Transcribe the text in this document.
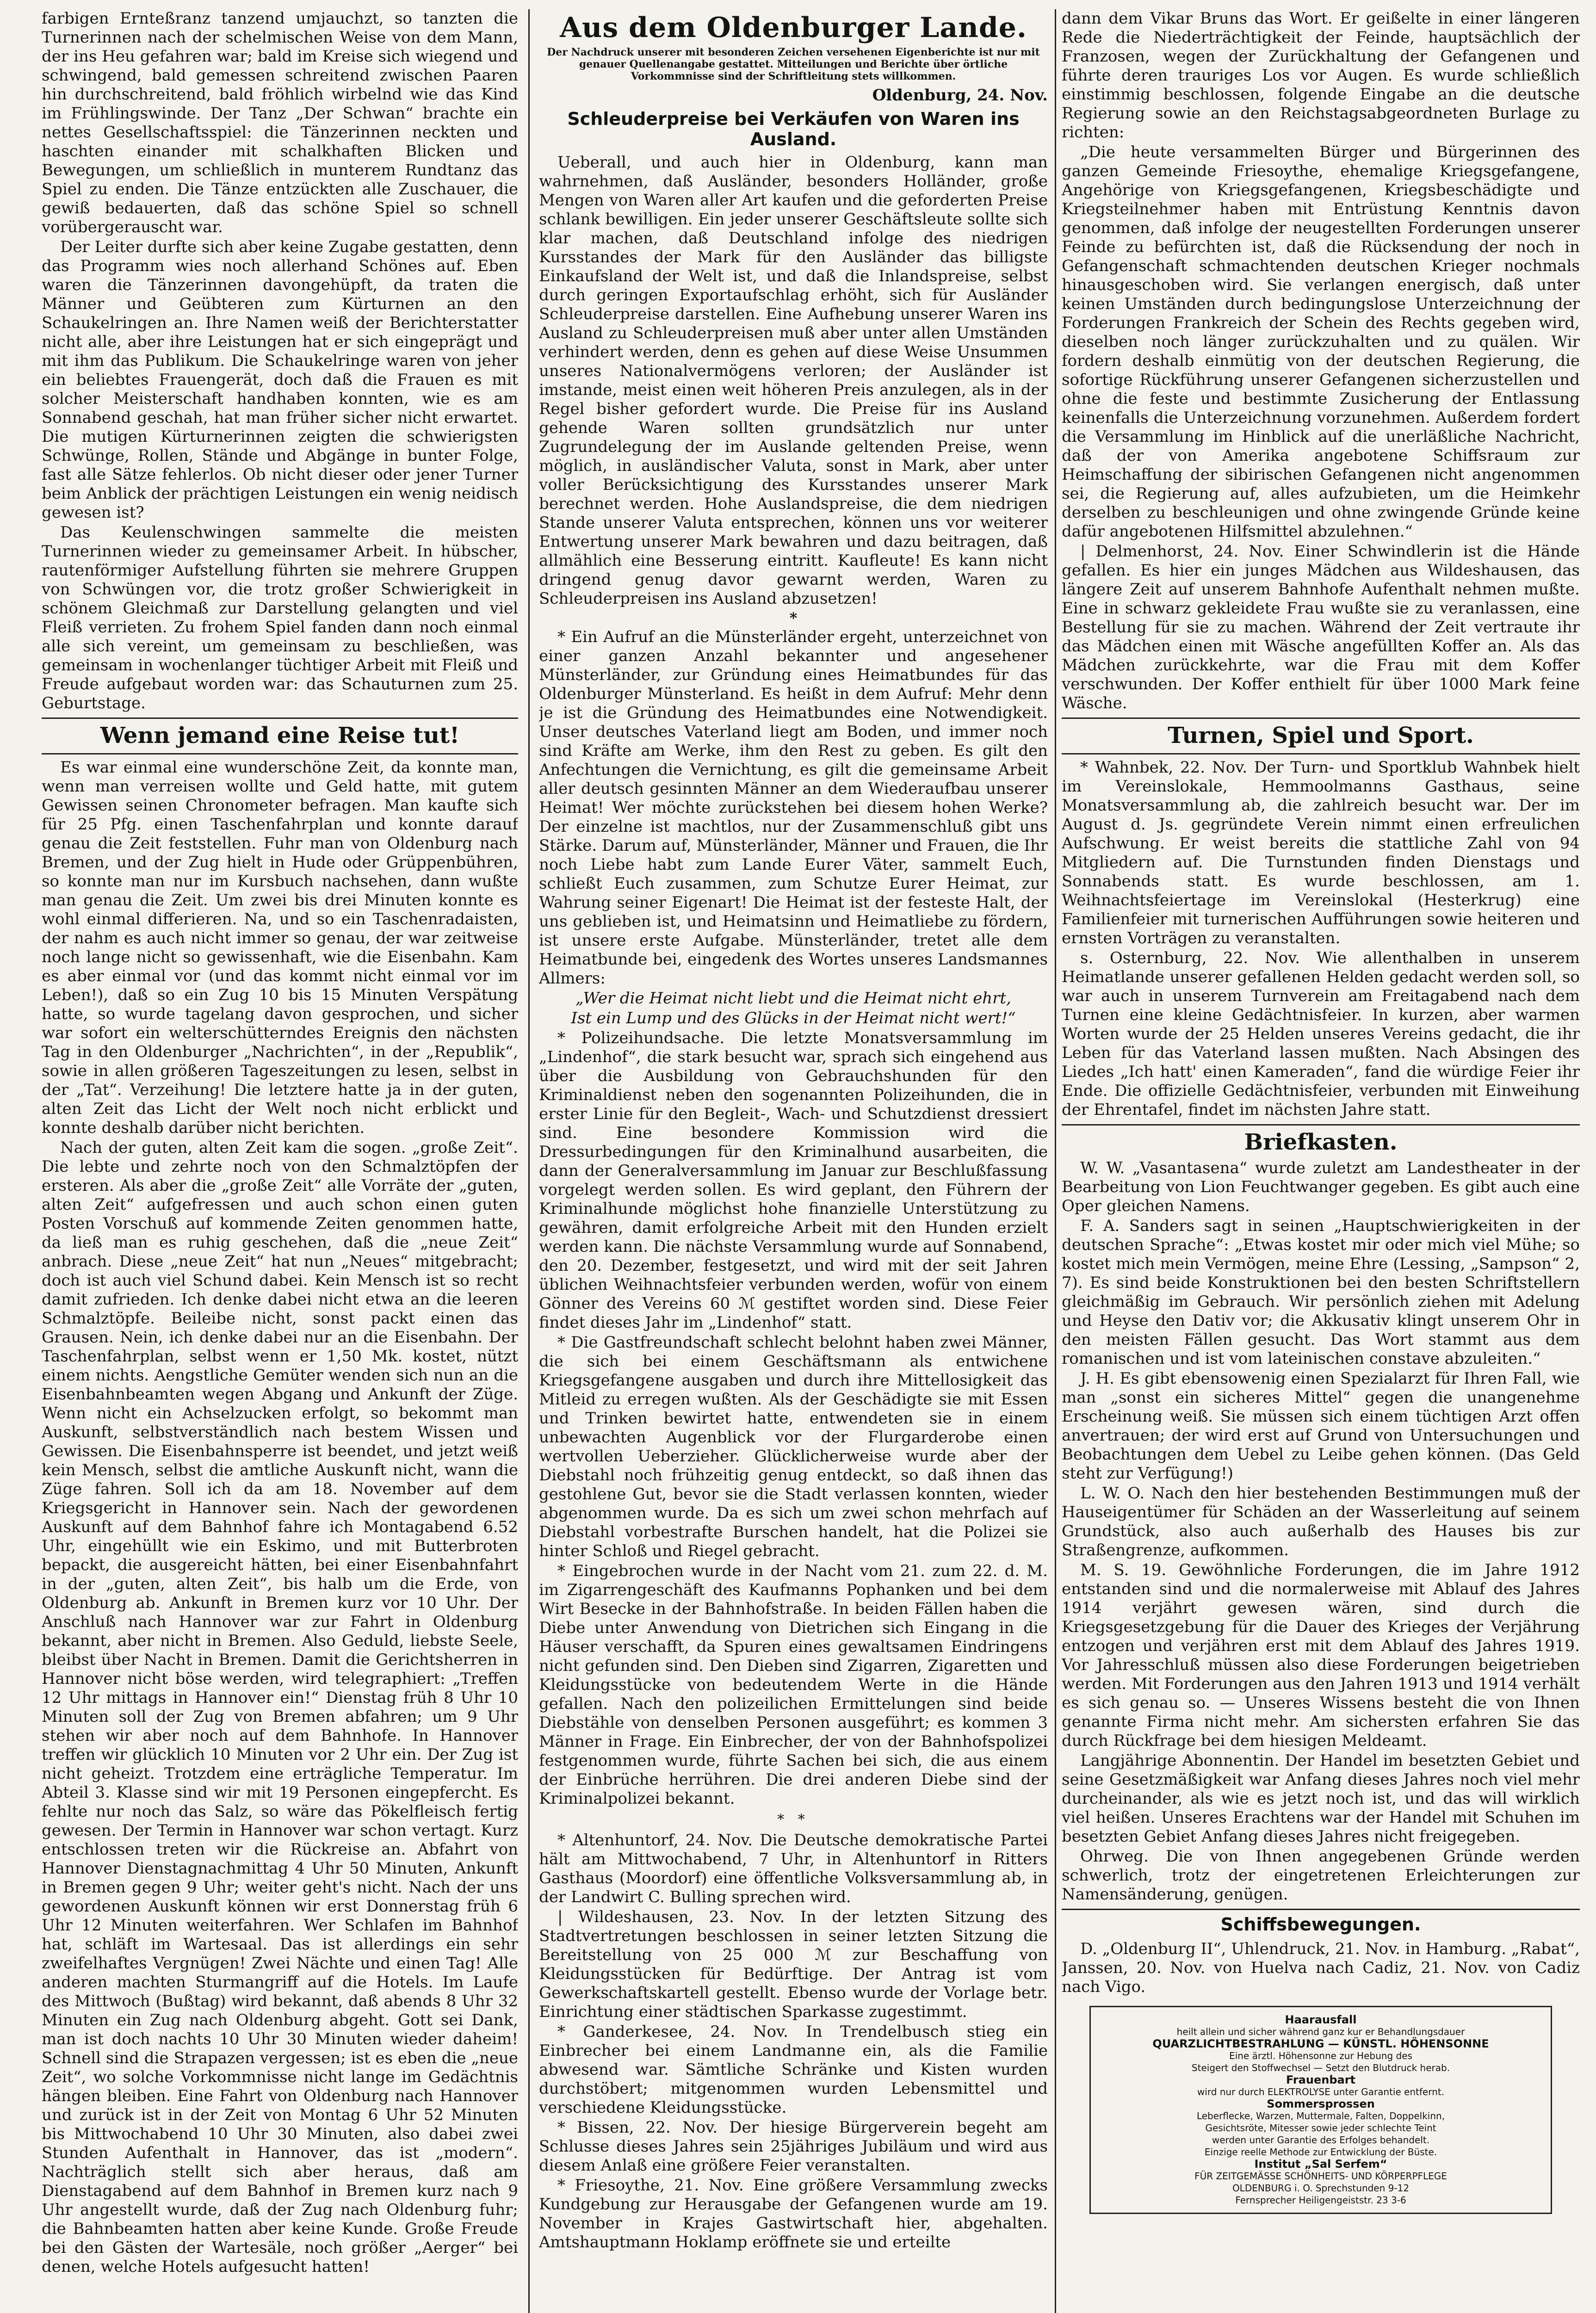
farbigen Ernteßranz tanzend umjauchzt, so tanzten die Turnerinnen nach der schelmischen Weise von dem Mann, der ins Heu gefahren war; bald im Kreise sich wiegend und schwingend, bald gemessen schreitend zwischen Paaren hin durchschreitend, bald fröhlich wirbelnd wie das Kind im Frühlingswinde. Der Tanz „Der Schwan“ brachte ein nettes Gesellschaftsspiel: die Tänzerinnen neckten und haschten einander mit schalkhaften Blicken und Bewegungen, um schließlich in munterem Rundtanz das Spiel zu enden. Die Tänze entzückten alle Zuschauer, die gewiß bedauerten, daß das schöne Spiel so schnell vorübergerauscht war.

Der Leiter durfte sich aber keine Zugabe gestatten, denn das Programm wies noch allerhand Schönes auf. Eben waren die Tänzerinnen davongehüpft, da traten die Männer und Geübteren zum Kürturnen an den Schaukelringen an. Ihre Namen weiß der Berichterstatter nicht alle, aber ihre Leistungen hat er sich eingeprägt und mit ihm das Publikum. Die Schaukelringe waren von jeher ein beliebtes Frauengerät, doch daß die Frauen es mit solcher Meisterschaft handhaben konnten, wie es am Sonnabend geschah, hat man früher sicher nicht erwartet. Die mutigen Kürturnerinnen zeigten die schwierigsten Schwünge, Rollen, Stände und Abgänge in bunter Folge, fast alle Sätze fehlerlos. Ob nicht dieser oder jener Turner beim Anblick der prächtigen Leistungen ein wenig neidisch gewesen ist?

Das Keulenschwingen sammelte die meisten Turnerinnen wieder zu gemeinsamer Arbeit. In hübscher, rautenförmiger Aufstellung führten sie mehrere Gruppen von Schwüngen vor, die trotz großer Schwierigkeit in schönem Gleichmaß zur Darstellung gelangten und viel Fleiß verrieten. Zu frohem Spiel fanden dann noch einmal alle sich vereint, um gemeinsam zu beschließen, was gemeinsam in wochenlanger tüchtiger Arbeit mit Fleiß und Freude aufgebaut worden war: das Schauturnen zum 25. Geburtstage.

Wenn jemand eine Reise tut!

Es war einmal eine wunderschöne Zeit, da konnte man, wenn man verreisen wollte und Geld hatte, mit gutem Gewissen seinen Chronometer befragen. Man kaufte sich für 25 Pfg. einen Taschenfahrplan und konnte darauf genau die Zeit feststellen. Fuhr man von Oldenburg nach Bremen, und der Zug hielt in Hude oder Grüppenbühren, so konnte man nur im Kursbuch nachsehen, dann wußte man genau die Zeit. Um zwei bis drei Minuten konnte es wohl einmal differieren. Na, und so ein Taschenradaisten, der nahm es auch nicht immer so genau, der war zeitweise noch lange nicht so gewissenhaft, wie die Eisenbahn. Kam es aber einmal vor (und das kommt nicht einmal vor im Leben!), daß so ein Zug 10 bis 15 Minuten Verspätung hatte, so wurde tagelang davon gesprochen, und sicher war sofort ein welterschütterndes Ereignis den nächsten Tag in den Oldenburger „Nachrichten“, in der „Republik“, sowie in allen größeren Tageszeitungen zu lesen, selbst in der „Tat“. Verzeihung! Die letztere hatte ja in der guten, alten Zeit das Licht der Welt noch nicht erblickt und konnte deshalb darüber nicht berichten.

Nach der guten, alten Zeit kam die sogen. „große Zeit“. Die lebte und zehrte noch von den Schmalztöpfen der ersteren. Als aber die „große Zeit“ alle Vorräte der „guten, alten Zeit“ aufgefressen und auch schon einen guten Posten Vorschuß auf kommende Zeiten genommen hatte, da ließ man es ruhig geschehen, daß die „neue Zeit“ anbrach. Diese „neue Zeit“ hat nun „Neues“ mitgebracht; doch ist auch viel Schund dabei. Kein Mensch ist so recht damit zufrieden. Ich denke dabei nicht etwa an die leeren Schmalztöpfe. Beileibe nicht, sonst packt einen das Grausen. Nein, ich denke dabei nur an die Eisenbahn. Der Taschenfahrplan, selbst wenn er 1,50 Mk. kostet, nützt einem nichts. Aengstliche Gemüter wenden sich nun an die Eisenbahnbeamten wegen Abgang und Ankunft der Züge. Wenn nicht ein Achselzucken erfolgt, so bekommt man Auskunft, selbstverständlich nach bestem Wissen und Gewissen. Die Eisenbahnsperre ist beendet, und jetzt weiß kein Mensch, selbst die amtliche Auskunft nicht, wann die Züge fahren. Soll ich da am 18. November auf dem Kriegsgericht in Hannover sein. Nach der gewordenen Auskunft auf dem Bahnhof fahre ich Montagabend 6.52 Uhr, eingehüllt wie ein Eskimo, und mit Butterbroten bepackt, die ausgereicht hätten, bei einer Eisenbahnfahrt in der „guten, alten Zeit“, bis halb um die Erde, von Oldenburg ab. Ankunft in Bremen kurz vor 10 Uhr. Der Anschluß nach Hannover war zur Fahrt in Oldenburg bekannt, aber nicht in Bremen. Also Geduld, liebste Seele, bleibst über Nacht in Bremen. Damit die Gerichtsherren in Hannover nicht böse werden, wird telegraphiert: „Treffen 12 Uhr mittags in Hannover ein!“ Dienstag früh 8 Uhr 10 Minuten soll der Zug von Bremen abfahren; um 9 Uhr stehen wir aber noch auf dem Bahnhofe. In Hannover treffen wir glücklich 10 Minuten vor 2 Uhr ein. Der Zug ist nicht geheizt. Trotzdem eine erträgliche Temperatur. Im Abteil 3. Klasse sind wir mit 19 Personen eingepfercht. Es fehlte nur noch das Salz, so wäre das Pökelfleisch fertig gewesen. Der Termin in Hannover war schon vertagt. Kurz entschlossen treten wir die Rückreise an. Abfahrt von Hannover Dienstagnachmittag 4 Uhr 50 Minuten, Ankunft in Bremen gegen 9 Uhr; weiter geht's nicht. Nach der uns gewordenen Auskunft können wir erst Donnerstag früh 6 Uhr 12 Minuten weiterfahren. Wer Schlafen im Bahnhof hat, schläft im Wartesaal. Das ist allerdings ein sehr zweifelhaftes Vergnügen! Zwei Nächte und einen Tag! Alle anderen machten Sturmangriff auf die Hotels. Im Laufe des Mittwoch (Bußtag) wird bekannt, daß abends 8 Uhr 32 Minuten ein Zug nach Oldenburg abgeht. Gott sei Dank, man ist doch nachts 10 Uhr 30 Minuten wieder daheim! Schnell sind die Strapazen vergessen; ist es eben die „neue Zeit“, wo solche Vorkommnisse nicht lange im Gedächtnis hängen bleiben. Eine Fahrt von Oldenburg nach Hannover und zurück ist in der Zeit von Montag 6 Uhr 52 Minuten bis Mittwochabend 10 Uhr 30 Minuten, also dabei zwei Stunden Aufenthalt in Hannover, das ist „modern“. Nachträglich stellt sich aber heraus, daß am Dienstagabend auf dem Bahnhof in Bremen kurz nach 9 Uhr angestellt wurde, daß der Zug nach Oldenburg fuhr; die Bahnbeamten hatten aber keine Kunde. Große Freude bei den Gästen der Wartesäle, noch größer „Aerger“ bei denen, welche Hotels aufgesucht hatten!

Aus dem Oldenburger Lande.
Der Nachdruck unserer mit besonderen Zeichen versehenen Eigenberichte ist nur mit genauer Quellenangabe gestattet. Mitteilungen und Berichte über örtliche Vorkommnisse sind der Schriftleitung stets willkommen.
Oldenburg, 24. Nov.
Schleuderpreise bei Verkäufen von Waren ins Ausland.

Ueberall, und auch hier in Oldenburg, kann man wahrnehmen, daß Ausländer, besonders Holländer, große Mengen von Waren aller Art kaufen und die geforderten Preise schlank bewilligen. Ein jeder unserer Geschäftsleute sollte sich klar machen, daß Deutschland infolge des niedrigen Kursstandes der Mark für den Ausländer das billigste Einkaufsland der Welt ist, und daß die Inlandspreise, selbst durch geringen Exportaufschlag erhöht, sich für Ausländer Schleuderpreise darstellen. Eine Aufhebung unserer Waren ins Ausland zu Schleuderpreisen muß aber unter allen Umständen verhindert werden, denn es gehen auf diese Weise Unsummen unseres Nationalvermögens verloren; der Ausländer ist imstande, meist einen weit höheren Preis anzulegen, als in der Regel bisher gefordert wurde. Die Preise für ins Ausland gehende Waren sollten grundsätzlich nur unter Zugrundelegung der im Auslande geltenden Preise, wenn möglich, in ausländischer Valuta, sonst in Mark, aber unter voller Berücksichtigung des Kursstandes unserer Mark berechnet werden. Hohe Auslandspreise, die dem niedrigen Stande unserer Valuta entsprechen, können uns vor weiterer Entwertung unserer Mark bewahren und dazu beitragen, daß allmählich eine Besserung eintritt. Kaufleute! Es kann nicht dringend genug davor gewarnt werden, Waren zu Schleuderpreisen ins Ausland abzusetzen!

*

* Ein Aufruf an die Münsterländer ergeht, unterzeichnet von einer ganzen Anzahl bekannter und angesehener Münsterländer, zur Gründung eines Heimatbundes für das Oldenburger Münsterland. Es heißt in dem Aufruf: Mehr denn je ist die Gründung des Heimatbundes eine Notwendigkeit. Unser deutsches Vaterland liegt am Boden, und immer noch sind Kräfte am Werke, ihm den Rest zu geben. Es gilt den Anfechtungen die Vernichtung, es gilt die gemeinsame Arbeit aller deutsch gesinnten Männer an dem Wiederaufbau unserer Heimat! Wer möchte zurückstehen bei diesem hohen Werke? Der einzelne ist machtlos, nur der Zusammenschluß gibt uns Stärke. Darum auf, Münsterländer, Männer und Frauen, die Ihr noch Liebe habt zum Lande Eurer Väter, sammelt Euch, schließt Euch zusammen, zum Schutze Eurer Heimat, zur Wahrung seiner Eigenart! Die Heimat ist der festeste Halt, der uns geblieben ist, und Heimatsinn und Heimatliebe zu fördern, ist unsere erste Aufgabe. Münsterländer, tretet alle dem Heimatbunde bei, eingedenk des Wortes unseres Landsmannes Allmers:

„Wer die Heimat nicht liebt und die Heimat nicht ehrt,
Ist ein Lump und des Glücks in der Heimat nicht wert!“

* Polizeihundsache. Die letzte Monatsversammlung im „Lindenhof“, die stark besucht war, sprach sich eingehend aus über die Ausbildung von Gebrauchshunden für den Kriminaldienst neben den sogenannten Polizeihunden, die in erster Linie für den Begleit-, Wach- und Schutzdienst dressiert sind. Eine besondere Kommission wird die Dressurbedingungen für den Kriminalhund ausarbeiten, die dann der Generalversammlung im Januar zur Beschlußfassung vorgelegt werden sollen. Es wird geplant, den Führern der Kriminalhunde möglichst hohe finanzielle Unterstützung zu gewähren, damit erfolgreiche Arbeit mit den Hunden erzielt werden kann. Die nächste Versammlung wurde auf Sonnabend, den 20. Dezember, festgesetzt, und wird mit der seit Jahren üblichen Weihnachtsfeier verbunden werden, wofür von einem Gönner des Vereins 60 ℳ gestiftet worden sind. Diese Feier findet dieses Jahr im „Lindenhof“ statt.

* Die Gastfreundschaft schlecht belohnt haben zwei Männer, die sich bei einem Geschäftsmann als entwichene Kriegsgefangene ausgaben und durch ihre Mittellosigkeit das Mitleid zu erregen wußten. Als der Geschädigte sie mit Essen und Trinken bewirtet hatte, entwendeten sie in einem unbewachten Augenblick vor der Flurgarderobe einen wertvollen Ueberzieher. Glücklicherweise wurde aber der Diebstahl noch frühzeitig genug entdeckt, so daß ihnen das gestohlene Gut, bevor sie die Stadt verlassen konnten, wieder abgenommen wurde. Da es sich um zwei schon mehrfach auf Diebstahl vorbestrafte Burschen handelt, hat die Polizei sie hinter Schloß und Riegel gebracht.

* Eingebrochen wurde in der Nacht vom 21. zum 22. d. M. im Zigarrengeschäft des Kaufmanns Pophanken und bei dem Wirt Besecke in der Bahnhofstraße. In beiden Fällen haben die Diebe unter Anwendung von Dietrichen sich Eingang in die Häuser verschafft, da Spuren eines gewaltsamen Eindringens nicht gefunden sind. Den Dieben sind Zigarren, Zigaretten und Kleidungsstücke von bedeutendem Werte in die Hände gefallen. Nach den polizeilichen Ermittelungen sind beide Diebstähle von denselben Personen ausgeführt; es kommen 3 Männer in Frage. Ein Einbrecher, der von der Bahnhofspolizei festgenommen wurde, führte Sachen bei sich, die aus einem der Einbrüche herrühren. Die drei anderen Diebe sind der Kriminalpolizei bekannt.

* *

* Altenhuntorf, 24. Nov. Die Deutsche demokratische Partei hält am Mittwochabend, 7 Uhr, in Altenhuntorf in Ritters Gasthaus (Moordorf) eine öffentliche Volksversammlung ab, in der Landwirt C. Bulling sprechen wird.

| Wildeshausen, 23. Nov. In der letzten Sitzung des Stadtvertretungen beschlossen in seiner letzten Sitzung die Bereitstellung von 25 000 ℳ zur Beschaffung von Kleidungsstücken für Bedürftige. Der Antrag ist vom Gewerkschaftskartell gestellt. Ebenso wurde der Vorlage betr. Einrichtung einer städtischen Sparkasse zugestimmt.

* Ganderkesee, 24. Nov. In Trendelbusch stieg ein Einbrecher bei einem Landmanne ein, als die Familie abwesend war. Sämtliche Schränke und Kisten wurden durchstöbert; mitgenommen wurden Lebensmittel und verschiedene Kleidungsstücke.

* Bissen, 22. Nov. Der hiesige Bürgerverein begeht am Schlusse dieses Jahres sein 25jähriges Jubiläum und wird aus diesem Anlaß eine größere Feier veranstalten.

* Friesoythe, 21. Nov. Eine größere Versammlung zwecks Kundgebung zur Herausgabe der Gefangenen wurde am 19. November in Krajes Gastwirtschaft hier, abgehalten. Amtshauptmann Hoklamp eröffnete sie und erteilte

dann dem Vikar Bruns das Wort. Er geißelte in einer längeren Rede die Niederträchtigkeit der Feinde, hauptsächlich der Franzosen, wegen der Zurückhaltung der Gefangenen und führte deren trauriges Los vor Augen. Es wurde schließlich einstimmig beschlossen, folgende Eingabe an die deutsche Regierung sowie an den Reichstagsabgeordneten Burlage zu richten:

„Die heute versammelten Bürger und Bürgerinnen des ganzen Gemeinde Friesoythe, ehemalige Kriegsgefangene, Angehörige von Kriegsgefangenen, Kriegsbeschädigte und Kriegsteilnehmer haben mit Entrüstung Kenntnis davon genommen, daß infolge der neugestellten Forderungen unserer Feinde zu befürchten ist, daß die Rücksendung der noch in Gefangenschaft schmachtenden deutschen Krieger nochmals hinausgeschoben wird. Sie verlangen energisch, daß unter keinen Umständen durch bedingungslose Unterzeichnung der Forderungen Frankreich der Schein des Rechts gegeben wird, dieselben noch länger zurückzuhalten und zu quälen. Wir fordern deshalb einmütig von der deutschen Regierung, die sofortige Rückführung unserer Gefangenen sicherzustellen und ohne die feste und bestimmte Zusicherung der Entlassung keinenfalls die Unterzeichnung vorzunehmen. Außerdem fordert die Versammlung im Hinblick auf die unerläßliche Nachricht, daß der von Amerika angebotene Schiffsraum zur Heimschaffung der sibirischen Gefangenen nicht angenommen sei, die Regierung auf, alles aufzubieten, um die Heimkehr derselben zu beschleunigen und ohne zwingende Gründe keine dafür angebotenen Hilfsmittel abzulehnen.“

| Delmenhorst, 24. Nov. Einer Schwindlerin ist die Hände gefallen. Es hier ein junges Mädchen aus Wildeshausen, das längere Zeit auf unserem Bahnhofe Aufenthalt nehmen mußte. Eine in schwarz gekleidete Frau wußte sie zu veranlassen, eine Bestellung für sie zu machen. Während der Zeit vertraute ihr das Mädchen einen mit Wäsche angefüllten Koffer an. Als das Mädchen zurückkehrte, war die Frau mit dem Koffer verschwunden. Der Koffer enthielt für über 1000 Mark feine Wäsche.

Turnen, Spiel und Sport.

* Wahnbek, 22. Nov. Der Turn- und Sportklub Wahnbek hielt im Vereinslokale, Hemmoolmanns Gasthaus, seine Monatsversammlung ab, die zahlreich besucht war. Der im August d. Js. gegründete Verein nimmt einen erfreulichen Aufschwung. Er weist bereits die stattliche Zahl von 94 Mitgliedern auf. Die Turnstunden finden Dienstags und Sonnabends statt. Es wurde beschlossen, am 1. Weihnachtsfeiertage im Vereinslokal (Hesterkrug) eine Familienfeier mit turnerischen Aufführungen sowie heiteren und ernsten Vorträgen zu veranstalten.

s. Osternburg, 22. Nov. Wie allenthalben in unserem Heimatlande unserer gefallenen Helden gedacht werden soll, so war auch in unserem Turnverein am Freitagabend nach dem Turnen eine kleine Gedächtnisfeier. In kurzen, aber warmen Worten wurde der 25 Helden unseres Vereins gedacht, die ihr Leben für das Vaterland lassen mußten. Nach Absingen des Liedes „Ich hatt' einen Kameraden“, fand die würdige Feier ihr Ende. Die offizielle Gedächtnisfeier, verbunden mit Einweihung der Ehrentafel, findet im nächsten Jahre statt.

Briefkasten.

W. W. „Vasantasena“ wurde zuletzt am Landestheater in der Bearbeitung von Lion Feuchtwanger gegeben. Es gibt auch eine Oper gleichen Namens.

F. A. Sanders sagt in seinen „Hauptschwierigkeiten in der deutschen Sprache“: „Etwas kostet mir oder mich viel Mühe; so kostet mich mein Vermögen, meine Ehre (Lessing, „Sampson“ 2, 7). Es sind beide Konstruktionen bei den besten Schriftstellern gleichmäßig im Gebrauch. Wir persönlich ziehen mit Adelung und Heyse den Dativ vor; die Akkusativ klingt unserem Ohr in den meisten Fällen gesucht. Das Wort stammt aus dem romanischen und ist vom lateinischen constave abzuleiten.“

J. H. Es gibt ebensowenig einen Spezialarzt für Ihren Fall, wie man „sonst ein sicheres Mittel“ gegen die unangenehme Erscheinung weiß. Sie müssen sich einem tüchtigen Arzt offen anvertrauen; der wird erst auf Grund von Untersuchungen und Beobachtungen dem Uebel zu Leibe gehen können. (Das Geld steht zur Verfügung!)

L. W. O. Nach den hier bestehenden Bestimmungen muß der Hauseigentümer für Schäden an der Wasserleitung auf seinem Grundstück, also auch außerhalb des Hauses bis zur Straßengrenze, aufkommen.

M. S. 19. Gewöhnliche Forderungen, die im Jahre 1912 entstanden sind und die normalerweise mit Ablauf des Jahres 1914 verjährt gewesen wären, sind durch die Kriegsgesetzgebung für die Dauer des Krieges der Verjährung entzogen und verjähren erst mit dem Ablauf des Jahres 1919. Vor Jahresschluß müssen also diese Forderungen beigetrieben werden. Mit Forderungen aus den Jahren 1913 und 1914 verhält es sich genau so. — Unseres Wissens besteht die von Ihnen genannte Firma nicht mehr. Am sichersten erfahren Sie das durch Rückfrage bei dem hiesigen Meldeamt.

Langjährige Abonnentin. Der Handel im besetzten Gebiet und seine Gesetzmäßigkeit war Anfang dieses Jahres noch viel mehr durcheinander, als wie es jetzt noch ist, und das will wirklich viel heißen. Unseres Erachtens war der Handel mit Schuhen im besetzten Gebiet Anfang dieses Jahres nicht freigegeben.

Ohrweg. Die von Ihnen angegebenen Gründe werden schwerlich, trotz der eingetretenen Erleichterungen zur Namensänderung, genügen.

Schiffsbewegungen.

D. „Oldenburg II“, Uhlendruck, 21. Nov. in Hamburg. „Rabat“, Janssen, 20. Nov. von Huelva nach Cadiz, 21. Nov. von Cadiz nach Vigo.

Haarausfall
heilt allein und sicher während ganz kur er Behandlungsdauer
QUARZLICHTBESTRAHLUNG — KÜNSTL. HÖHENSONNE
Eine ärztl. Höhensonne zur Hebung des
Steigert den Stoffwechsel — Setzt den Blutdruck herab.
Frauenbart
wird nur durch ELEKTROLYSE unter Garantie entfernt.
Sommersprossen
Leberflecke, Warzen, Muttermale, Falten, Doppelkinn,
Gesichtsröte, Mitesser sowie jeder schlechte Teint
werden unter Garantie des Erfolges behandelt.
Einzige reelle Methode zur Entwicklung der Büste.
Institut „Sal Serfem“
FÜR ZEITGEMÄSSE SCHÖNHEITS- UND KÖRPERPFLEGE
OLDENBURG i. O. Sprechstunden 9-12
Fernsprecher Heiligengeiststr. 23 3-6
